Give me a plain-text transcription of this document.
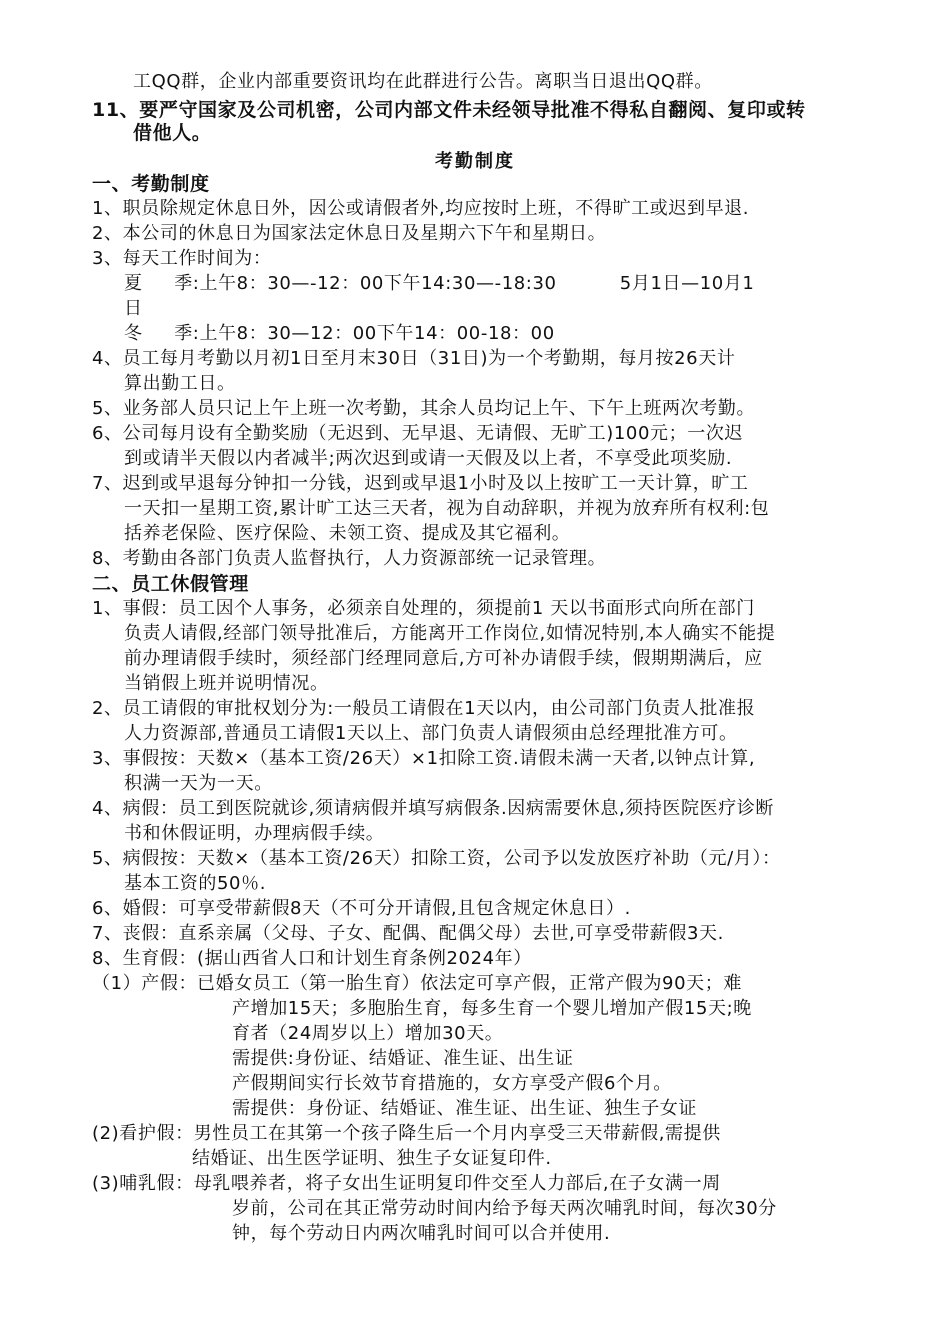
工QQ群，企业内部重要资讯均在此群进行公告。离职当日退出QQ群。
11、要严守国家及公司机密，公司内部文件未经领导批准不得私自翻阅、复印或转
借他人。
考勤制度
一、考勤制度
1、职员除规定休息日外，因公或请假者外,均应按时上班，不得旷工或迟到早退.
2、本公司的休息日为国家法定休息日及星期六下午和星期日。
3、每天工作时间为：
夏     季:上午8：30—-12：00下午14:30—-18:30          5月1日—10月1
日
冬     季:上午8：30—12：00下午14：00-18：00
4、员工每月考勤以月初1日至月末30日（31日)为一个考勤期，每月按26天计
算出勤工日。
5、业务部人员只记上午上班一次考勤，其余人员均记上午、下午上班两次考勤。
6、公司每月设有全勤奖励（无迟到、无早退、无请假、无旷工)100元；一次迟
到或请半天假以内者减半;两次迟到或请一天假及以上者，不享受此项奖励.
7、迟到或早退每分钟扣一分钱，迟到或早退1小时及以上按旷工一天计算，旷工
一天扣一星期工资,累计旷工达三天者，视为自动辞职，并视为放弃所有权利:包
括养老保险、医疗保险、未领工资、提成及其它福利。
8、考勤由各部门负责人监督执行，人力资源部统一记录管理。
二、员工休假管理
1、事假：员工因个人事务，必须亲自处理的，须提前1 天以书面形式向所在部门
负责人请假,经部门领导批准后，方能离开工作岗位,如情况特别,本人确实不能提
前办理请假手续时，须经部门经理同意后,方可补办请假手续，假期期满后，应
当销假上班并说明情况。
2、员工请假的审批权划分为:一般员工请假在1天以内，由公司部门负责人批准报
人力资源部,普通员工请假1天以上、部门负责人请假须由总经理批准方可。
3、事假按：天数×（基本工资/26天）×1扣除工资.请假未满一天者,以钟点计算,
积满一天为一天。
4、病假：员工到医院就诊,须请病假并填写病假条.因病需要休息,须持医院医疗诊断
书和休假证明，办理病假手续。
5、病假按：天数×（基本工资/26天）扣除工资，公司予以发放医疗补助（元/月）：
基本工资的50％.
6、婚假：可享受带薪假8天（不可分开请假,且包含规定休息日）.
7、丧假：直系亲属（父母、子女、配偶、配偶父母）去世,可享受带薪假3天.
8、生育假：(据山西省人口和计划生育条例2024年）
（1）产假：已婚女员工（第一胎生育）依法定可享产假，正常产假为90天；难
产增加15天；多胞胎生育，每多生育一个婴儿增加产假15天;晚
育者（24周岁以上）增加30天。
需提供:身份证、结婚证、准生证、出生证
产假期间实行长效节育措施的，女方享受产假6个月。
需提供：身份证、结婚证、准生证、出生证、独生子女证
(2)看护假：男性员工在其第一个孩子降生后一个月内享受三天带薪假,需提供
结婚证、出生医学证明、独生子女证复印件.
(3)哺乳假：母乳喂养者，将子女出生证明复印件交至人力部后,在子女满一周
岁前，公司在其正常劳动时间内给予每天两次哺乳时间，每次30分
钟，每个劳动日内两次哺乳时间可以合并使用.
